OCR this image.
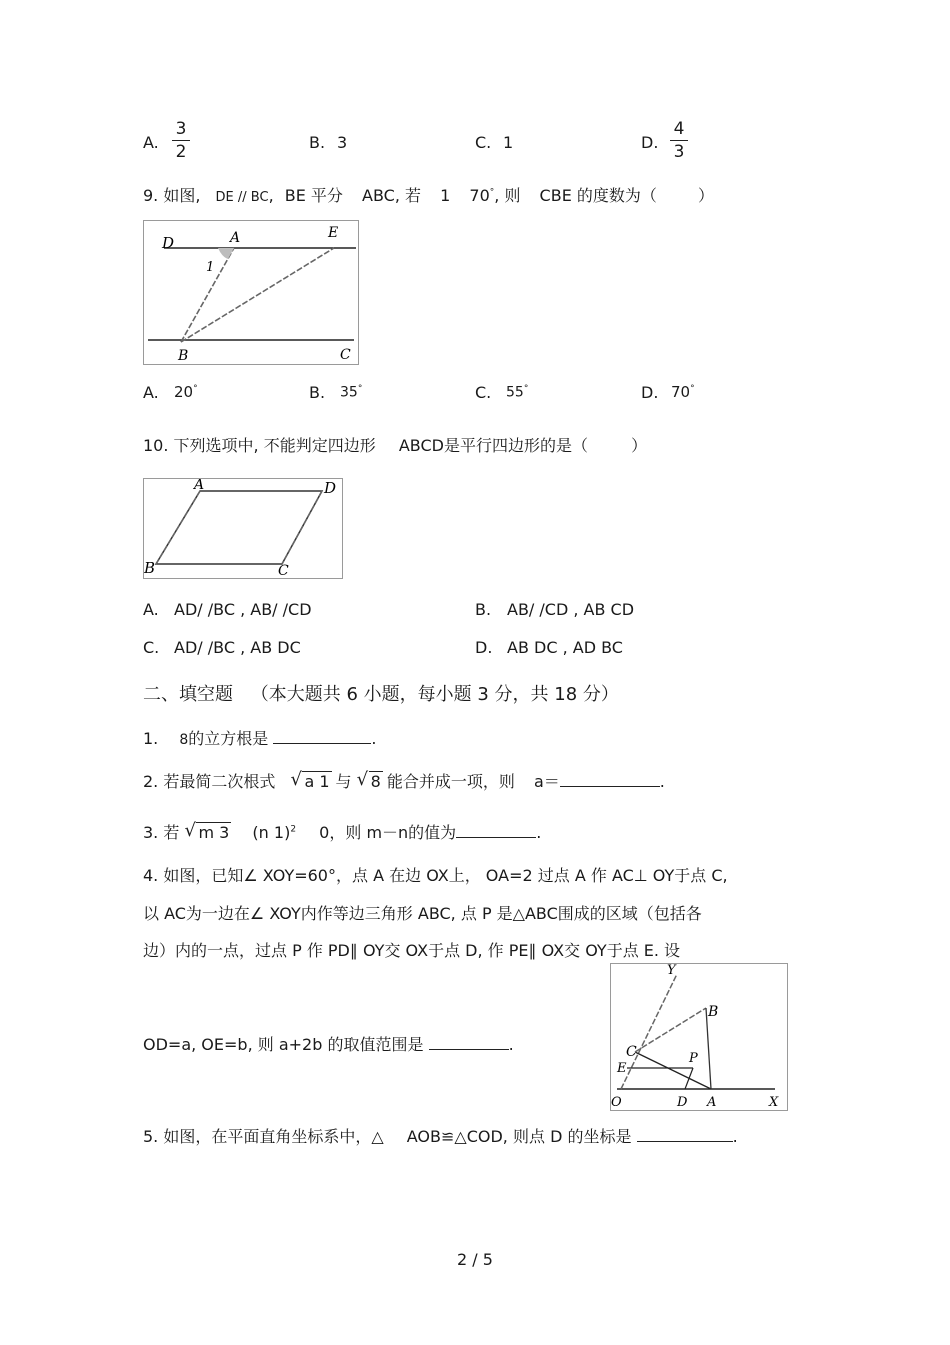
A.
3
2	B. 3	C. 1	D.
4
3
9. 如图, DE // BC, BE 平分 ABC, 若 1 70°, 则 CBE 的度数为（	）
D	A	E
1
B	C
A. 20°	B. 35°	C. 55°	D. 70°
10. 下列选项中, 不能判定四边形 ABCD是平行四边形的是（	）
A	D
B	C
A. AD/ /BC , AB/ /CD	B. AB/ /CD , AB CD
C. AD/ /BC , AB DC	D. AB DC , AD BC
二、填空题 （本大题共 6 小题，每小题 3 分，共 18 分）
1. 8的立方根是	.
2. 若最简二次根式 √ a 1 与 √ 8 能合并成一项，则 a＝	.
3. 若 √ m 3 (n 1)$^2$ 0，则 m－n的值为	.
4. 如图，已知∠ XOY=60°，点 A 在边 OX上， OA=2 过点 A 作 AC⊥ OY于点 C,
以 AC为一边在∠ XOY内作等边三角形 ABC, 点 P 是△ABC围成的区域（包括各
边）内的一点，过点 P 作 PD∥ OY交 OX于点 D, 作 PE∥ OX交 OY于点 E. 设
OD=a, OE=b, 则 a+2b 的取值范围是	.
Y
B
C	P
E
O	D A	X
5. 如图，在平面直角坐标系中，△ AOB≌△COD, 则点 D 的坐标是	.
2 / 5
